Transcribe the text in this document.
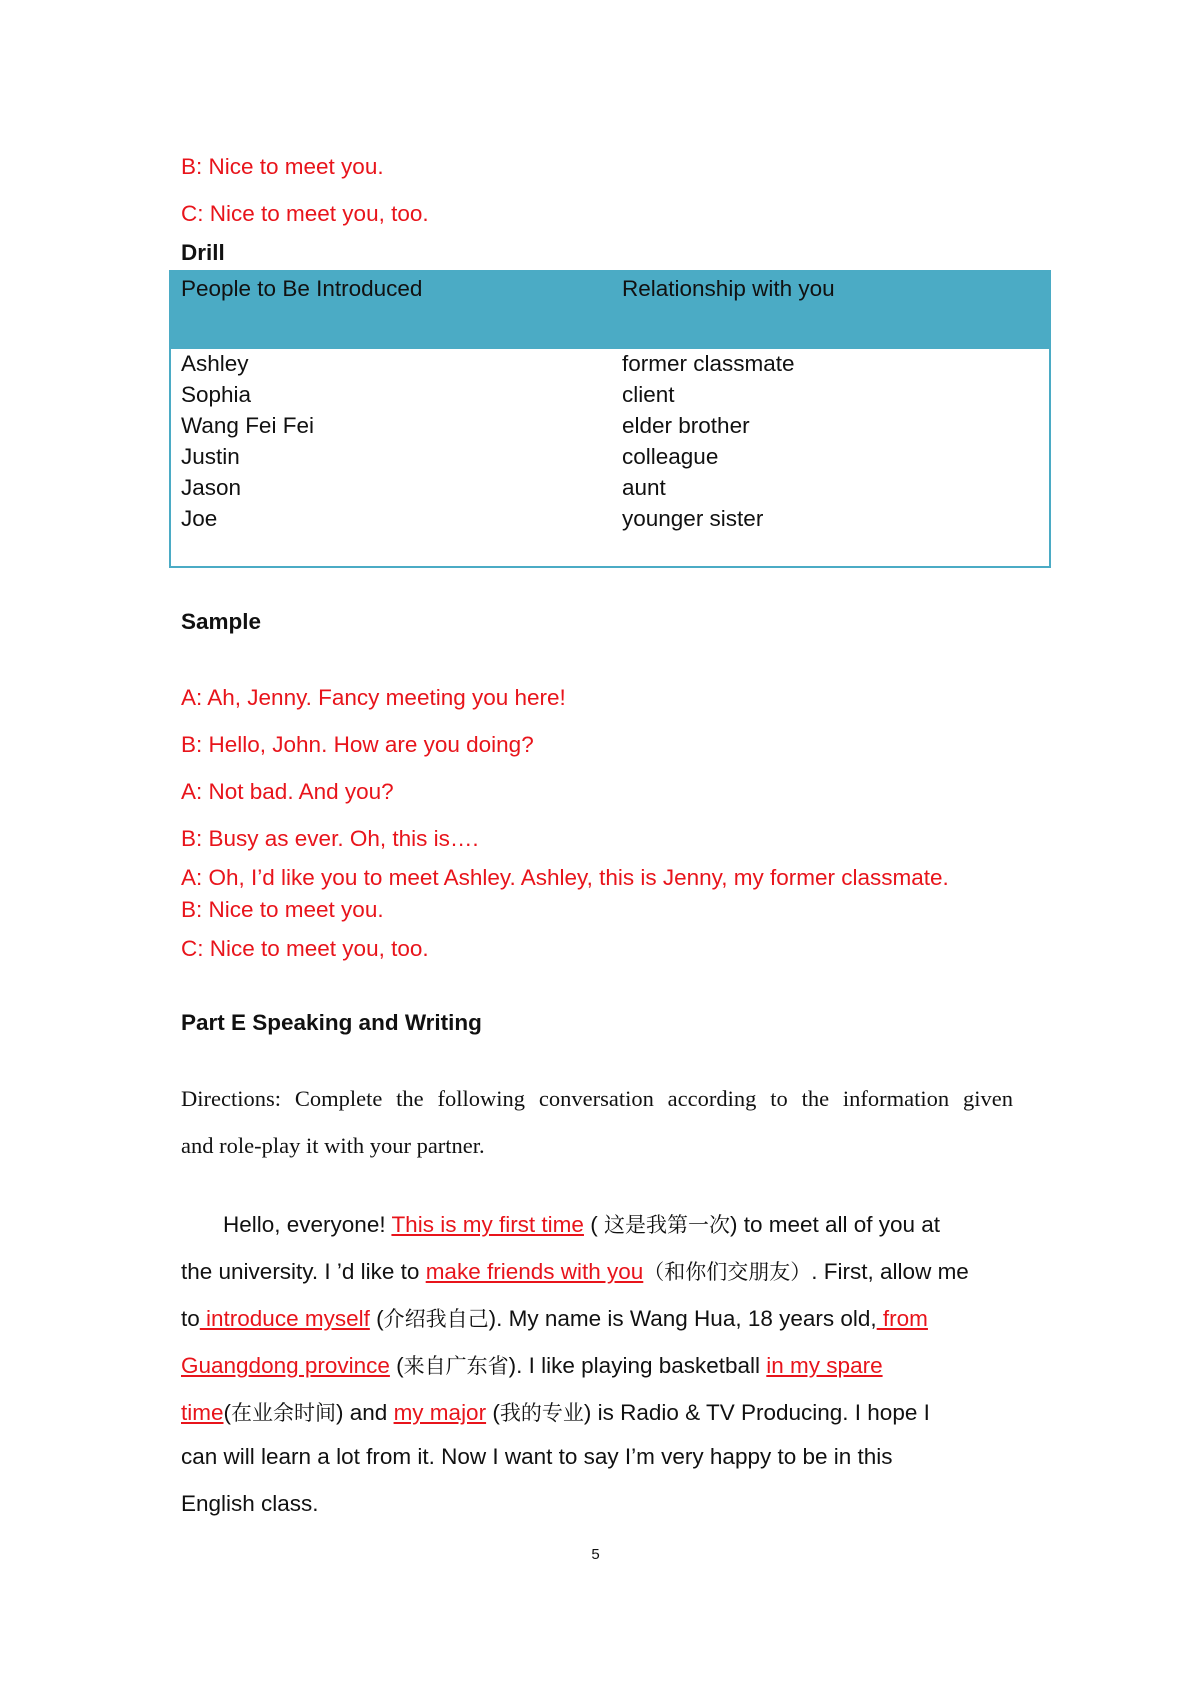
B: Nice to meet you.
C: Nice to meet you, too.
Drill
People to Be Introduced	Relationship with you
Ashley	former classmate
Sophia	client
Wang Fei Fei	elder brother
Justin	colleague
Jason	aunt
Joe	younger sister
Sample
A: Ah, Jenny. Fancy meeting you here!
B: Hello, John. How are you doing?
A: Not bad. And you?
B: Busy as ever. Oh, this is….
A: Oh, I’d like you to meet Ashley. Ashley, this is Jenny, my former classmate.
B: Nice to meet you.
C: Nice to meet you, too.
Part E Speaking and Writing
Directions: Complete the following conversation according to the information given
and role-play it with your partner.
Hello, everyone! This is my first time ( 这是我第一次) to meet all of you at
the university. I ’d like to make friends with you（和你们交朋友）. First, allow me
to introduce myself (介绍我自己). My name is Wang Hua, 18 years old, from
Guangdong province (来自广东省). I like playing basketball in my spare
time(在业余时间) and my major (我的专业) is Radio & TV Producing. I hope I
can will learn a lot from it. Now I want to say I’m very happy to be in this
English class.
5
